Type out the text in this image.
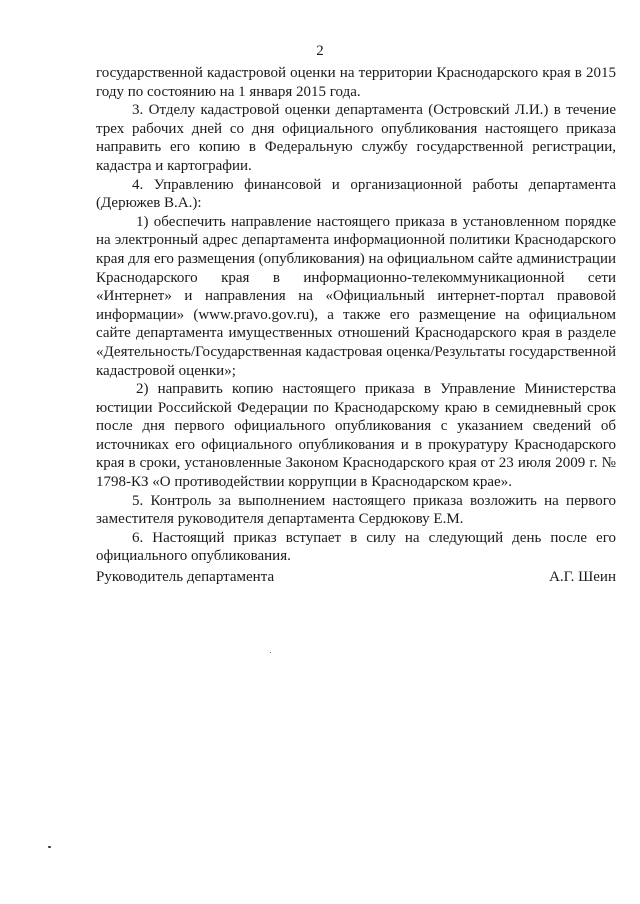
2

государственной кадастровой оценки на территории Краснодарского края в 2015 году по состоянию на 1 января 2015 года.

3. Отделу кадастровой оценки департамента (Островский Л.И.) в течение трех рабочих дней со дня официального опубликования настоящего приказа направить его копию в Федеральную службу государственной регистрации, кадастра и картографии.

4. Управлению финансовой и организационной работы департамента (Дерюжев В.А.):

1) обеспечить направление настоящего приказа в установленном порядке на электронный адрес департамента информационной политики Краснодарского края для его размещения (опубликования) на официальном сайте администрации Краснодарского края в информационно-телекоммуникационной сети «Интернет» и направления на «Официальный интернет-портал правовой информации» (www.pravo.gov.ru), а также его размещение на официальном сайте департамента имущественных отношений Краснодарского края в разделе «Деятельность/Государственная кадастровая оценка/Результаты государственной кадастровой оценки»;

2) направить копию настоящего приказа в Управление Министерства юстиции Российской Федерации по Краснодарскому краю в семидневный срок после дня первого официального опубликования с указанием сведений об источниках его официального опубликования и в прокуратуру Краснодарского края в сроки, установленные Законом Краснодарского края от 23 июля 2009 г. № 1798-КЗ «О противодействии коррупции в Краснодарском крае».

5. Контроль за выполнением настоящего приказа возложить на первого заместителя руководителя департамента Сердюкову Е.М.

6. Настоящий приказ вступает в силу на следующий день после его официального опубликования.

Руководитель департамента	А.Г. Шеин
